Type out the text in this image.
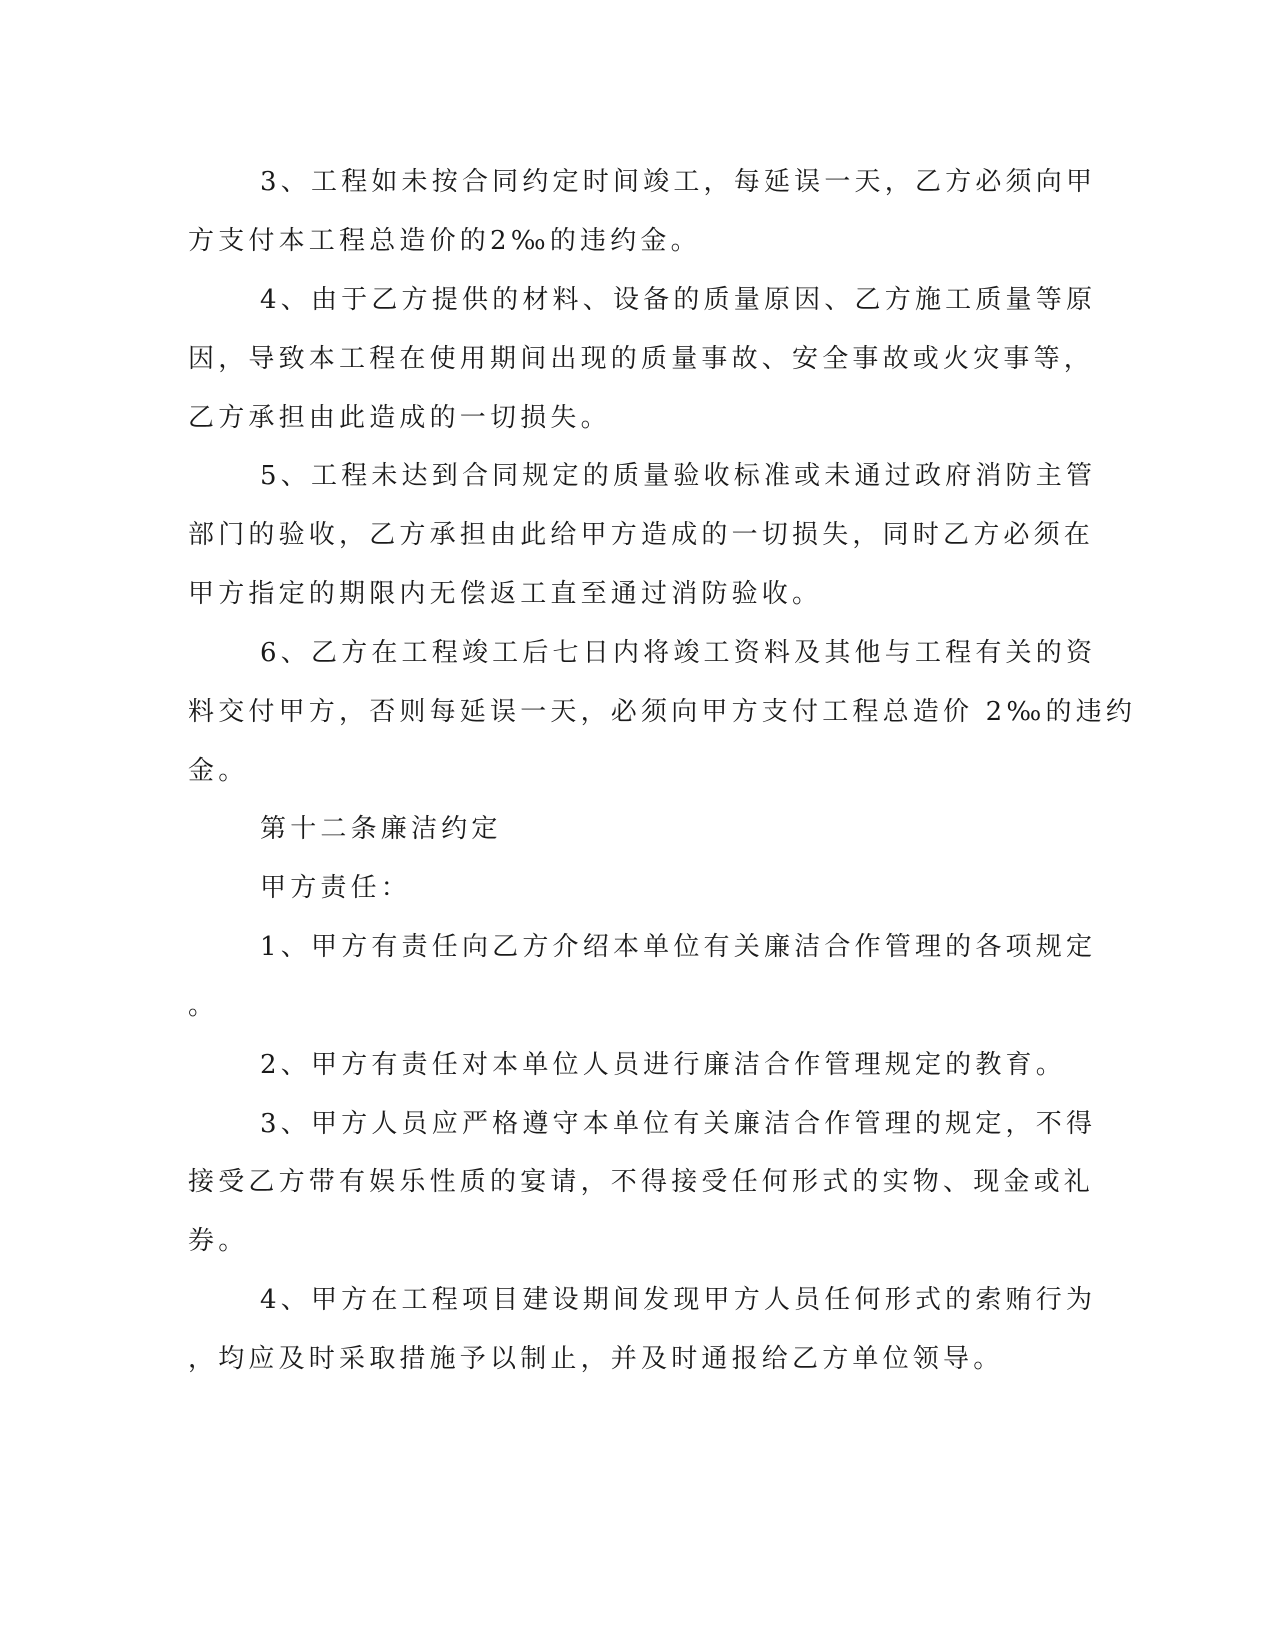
3、工程如未按合同约定时间竣工，每延误一天，乙方必须向甲
方支付本工程总造价的2‰的违约金。
4、由于乙方提供的材料、设备的质量原因、乙方施工质量等原
因，导致本工程在使用期间出现的质量事故、安全事故或火灾事等，
乙方承担由此造成的一切损失。
5、工程未达到合同规定的质量验收标准或未通过政府消防主管
部门的验收，乙方承担由此给甲方造成的一切损失，同时乙方必须在
甲方指定的期限内无偿返工直至通过消防验收。
6、乙方在工程竣工后七日内将竣工资料及其他与工程有关的资
料交付甲方，否则每延误一天，必须向甲方支付工程总造价 2‰的违约
金。
第十二条廉洁约定
甲方责任：
1、甲方有责任向乙方介绍本单位有关廉洁合作管理的各项规定
。
2、甲方有责任对本单位人员进行廉洁合作管理规定的教育。
3、甲方人员应严格遵守本单位有关廉洁合作管理的规定，不得
接受乙方带有娱乐性质的宴请，不得接受任何形式的实物、现金或礼
券。
4、甲方在工程项目建设期间发现甲方人员任何形式的索贿行为
，均应及时采取措施予以制止，并及时通报给乙方单位领导。
